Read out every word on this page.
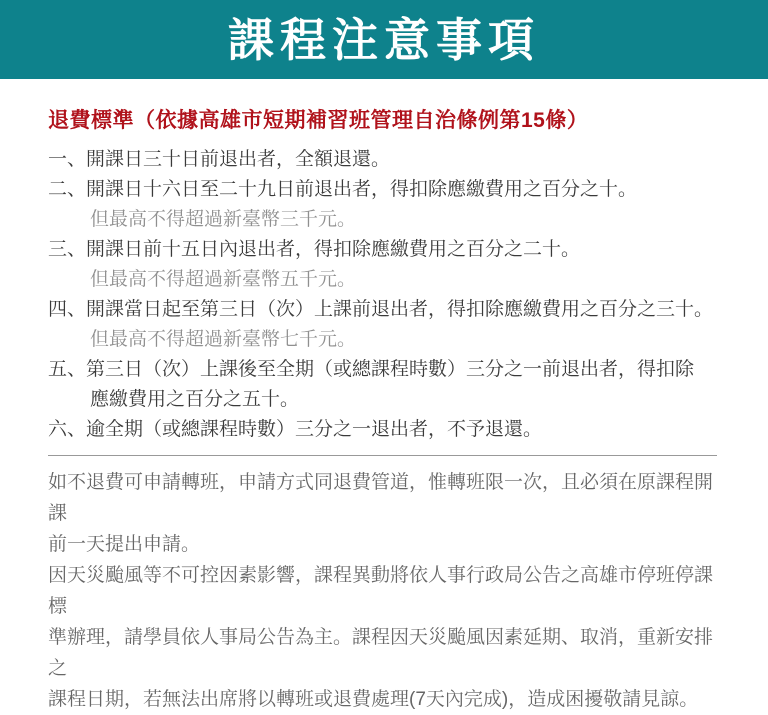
課程注意事項
退費標準（依據高雄市短期補習班管理自治條例第15條）
一、開課日三十日前退出者，全額退還。
二、開課日十六日至二十九日前退出者，得扣除應繳費用之百分之十。
但最高不得超過新臺幣三千元。
三、開課日前十五日內退出者，得扣除應繳費用之百分之二十。
但最高不得超過新臺幣五千元。
四、開課當日起至第三日（次）上課前退出者，得扣除應繳費用之百分之三十。
但最高不得超過新臺幣七千元。
五、第三日（次）上課後至全期（或總課程時數）三分之一前退出者，得扣除
應繳費用之百分之五十。
六、逾全期（或總課程時數）三分之一退出者，不予退還。

如不退費可申請轉班，申請方式同退費管道，惟轉班限一次，且必須在原課程開課
前一天提出申請。

因天災颱風等不可控因素影響，課程異動將依人事行政局公告之高雄市停班停課標
準辦理，請學員依人事局公告為主。課程因天災颱風因素延期、取消，重新安排之
課程日期，若無法出席將以轉班或退費處理(7天內完成)，造成困擾敬請見諒。
